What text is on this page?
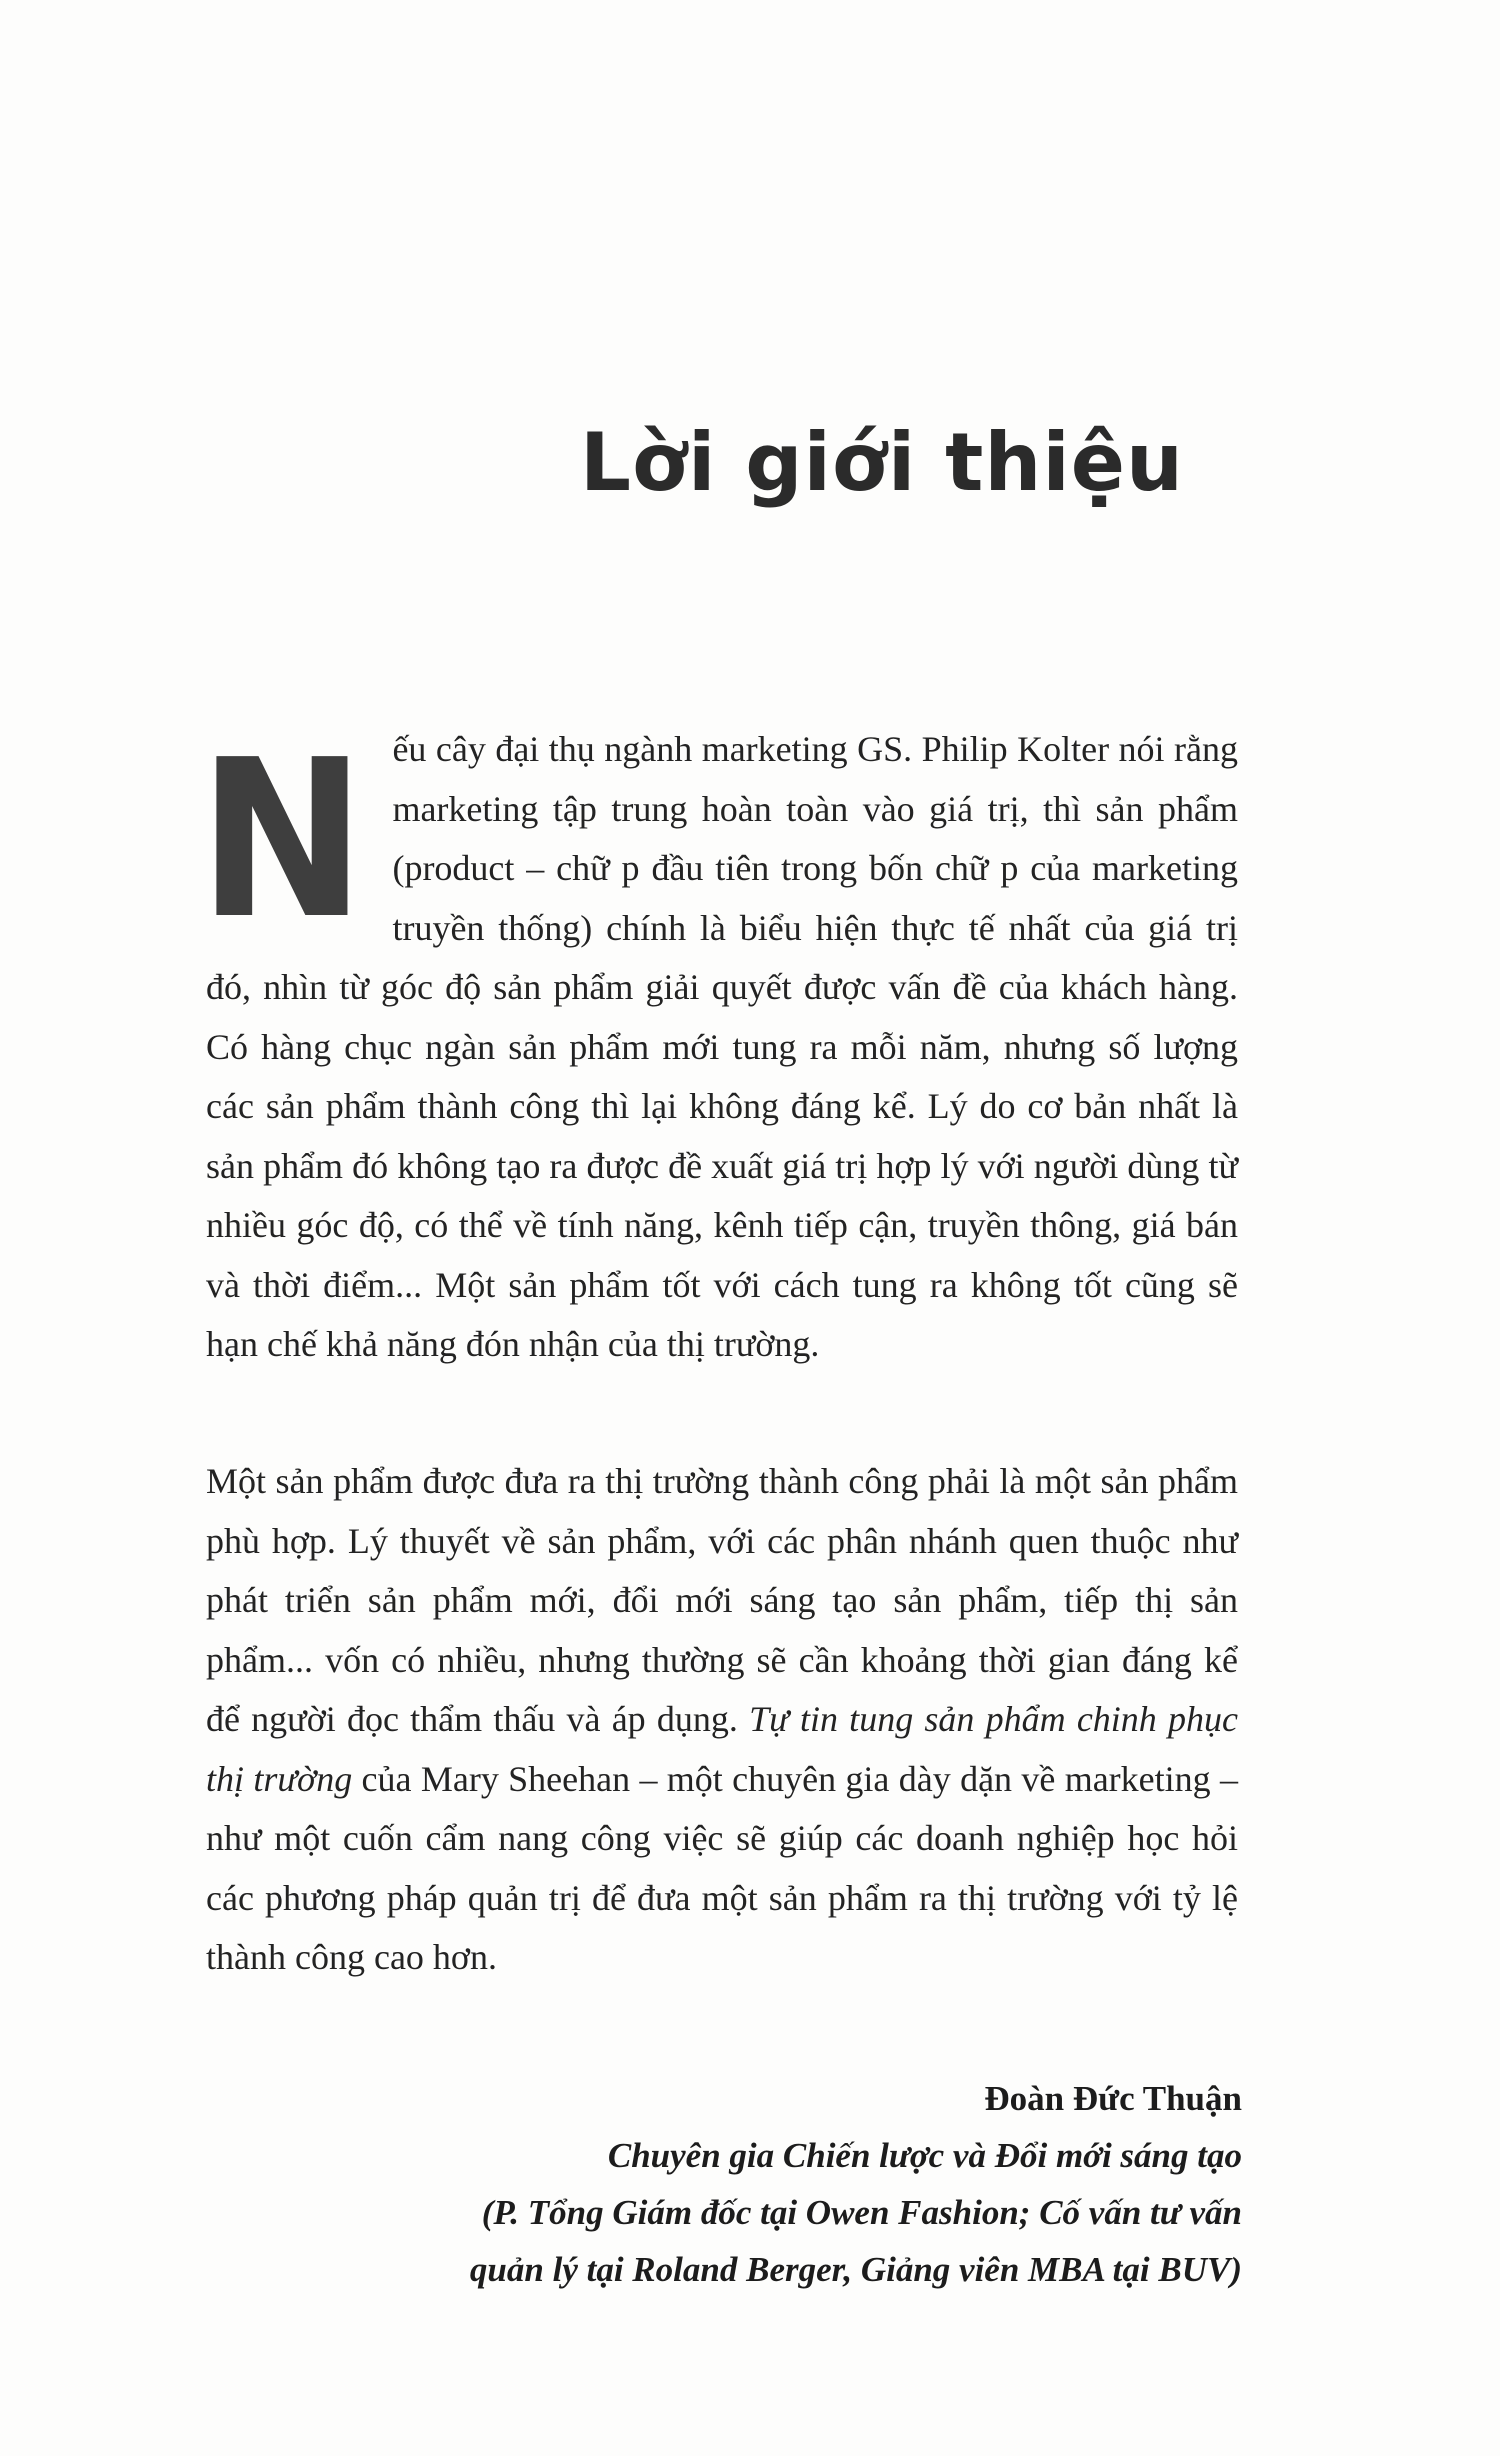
Lời giới thiệu

Nếu cây đại thụ ngành marketing GS. Philip Kolter nói rằng marketing tập trung hoàn toàn vào giá trị, thì sản phẩm (product – chữ p đầu tiên trong bốn chữ p của marketing truyền thống) chính là biểu hiện thực tế nhất của giá trị đó, nhìn từ góc độ sản phẩm giải quyết được vấn đề của khách hàng. Có hàng chục ngàn sản phẩm mới tung ra mỗi năm, nhưng số lượng các sản phẩm thành công thì lại không đáng kể. Lý do cơ bản nhất là sản phẩm đó không tạo ra được đề xuất giá trị hợp lý với người dùng từ nhiều góc độ, có thể về tính năng, kênh tiếp cận, truyền thông, giá bán và thời điểm... Một sản phẩm tốt với cách tung ra không tốt cũng sẽ hạn chế khả năng đón nhận của thị trường.

Một sản phẩm được đưa ra thị trường thành công phải là một sản phẩm phù hợp. Lý thuyết về sản phẩm, với các phân nhánh quen thuộc như phát triển sản phẩm mới, đổi mới sáng tạo sản phẩm, tiếp thị sản phẩm... vốn có nhiều, nhưng thường sẽ cần khoảng thời gian đáng kể để người đọc thẩm thấu và áp dụng. Tự tin tung sản phẩm chinh phục thị trường của Mary Sheehan – một chuyên gia dày dặn về marketing – như một cuốn cẩm nang công việc sẽ giúp các doanh nghiệp học hỏi các phương pháp quản trị để đưa một sản phẩm ra thị trường với tỷ lệ thành công cao hơn.

Đoàn Đức Thuận
Chuyên gia Chiến lược và Đổi mới sáng tạo
(P. Tổng Giám đốc tại Owen Fashion; Cố vấn tư vấn
quản lý tại Roland Berger, Giảng viên MBA tại BUV)
